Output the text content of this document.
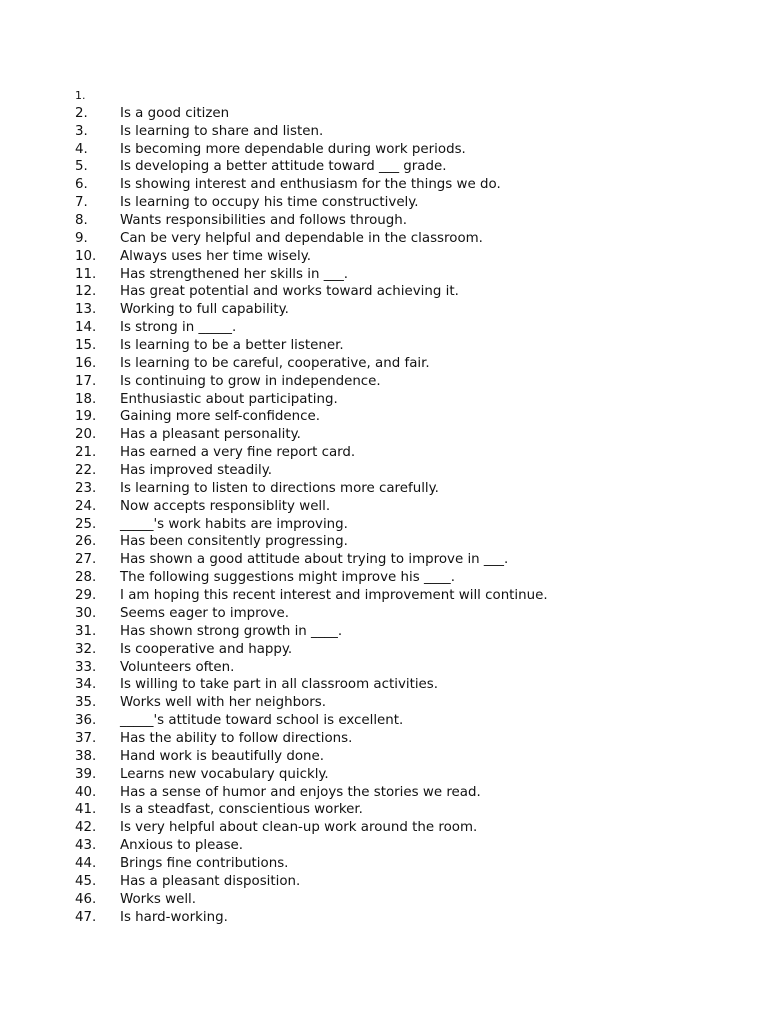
1.
2. Is a good citizen
3. Is learning to share and listen.
4. Is becoming more dependable during work periods.
5. Is developing a better attitude toward ___ grade.
6. Is showing interest and enthusiasm for the things we do.
7. Is learning to occupy his time constructively.
8. Wants responsibilities and follows through.
9. Can be very helpful and dependable in the classroom.
10. Always uses her time wisely.
11. Has strengthened her skills in ___.
12. Has great potential and works toward achieving it.
13. Working to full capability.
14. Is strong in _____.
15. Is learning to be a better listener.
16. Is learning to be careful, cooperative, and fair.
17. Is continuing to grow in independence.
18. Enthusiastic about participating.
19. Gaining more self-confidence.
20. Has a pleasant personality.
21. Has earned a very fine report card.
22. Has improved steadily.
23. Is learning to listen to directions more carefully.
24. Now accepts responsiblity well.
25. _____'s work habits are improving.
26. Has been consitently progressing.
27. Has shown a good attitude about trying to improve in ___.
28. The following suggestions might improve his ____.
29. I am hoping this recent interest and improvement will continue.
30. Seems eager to improve.
31. Has shown strong growth in ____.
32. Is cooperative and happy.
33. Volunteers often.
34. Is willing to take part in all classroom activities.
35. Works well with her neighbors.
36. _____'s attitude toward school is excellent.
37. Has the ability to follow directions.
38. Hand work is beautifully done.
39. Learns new vocabulary quickly.
40. Has a sense of humor and enjoys the stories we read.
41. Is a steadfast, conscientious worker.
42. Is very helpful about clean-up work around the room.
43. Anxious to please.
44. Brings fine contributions.
45. Has a pleasant disposition.
46. Works well.
47. Is hard-working.
